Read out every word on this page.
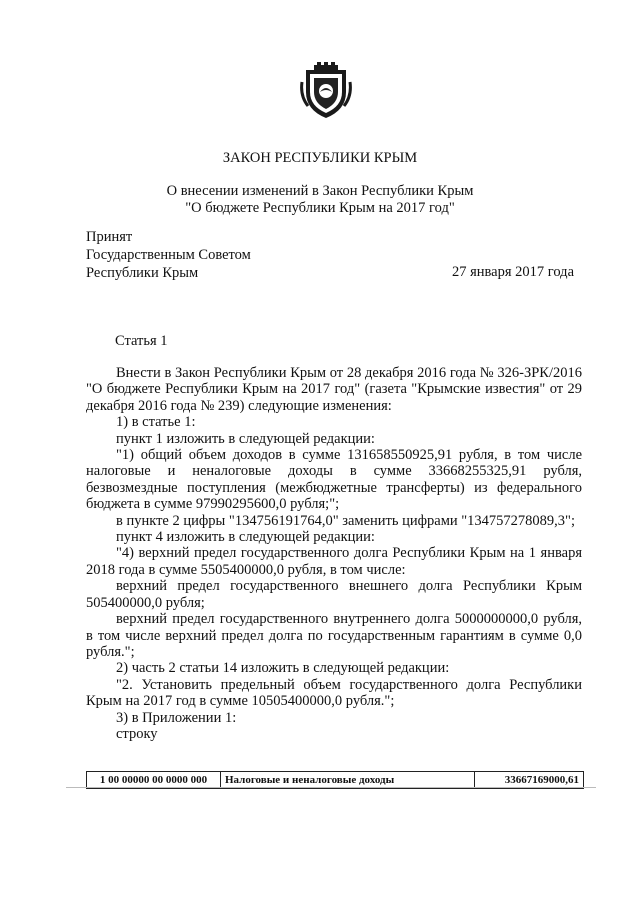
ЗАКОН РЕСПУБЛИКИ КРЫМ
О внесении изменений в Закон Республики Крым
"О бюджете Республики Крым на 2017 год"
Принят
Государственным Советом
Республики Крым	27 января 2017 года
Статья 1

Внести в Закон Республики Крым от 28 декабря 2016 года № 326-ЗРК/2016 "О бюджете Республики Крым на 2017 год" (газета "Крымские известия" от 29 декабря 2016 года № 239) следующие изменения:

1) в статье 1:

пункт 1 изложить в следующей редакции:

"1) общий объем доходов в сумме 131658550925,91 рубля, в том числе налоговые и неналоговые доходы в сумме 33668255325,91 рубля, безвозмездные поступления (межбюджетные трансферты) из федерального бюджета в сумме 97990295600,0 рубля;";

в пункте 2 цифры "134756191764,0" заменить цифрами "134757278089,3";

пункт 4 изложить в следующей редакции:

"4) верхний предел государственного долга Республики Крым на 1 января 2018 года в сумме 5505400000,0 рубля, в том числе:

верхний предел государственного внешнего долга Республики Крым 505400000,0 рубля;

верхний предел государственного внутреннего долга 5000000000,0 рубля, в том числе верхний предел долга по государственным гарантиям в сумме 0,0 рубля.";

2) часть 2 статьи 14 изложить в следующей редакции:

"2. Установить предельный объем государственного долга Республики Крым на 2017 год в сумме 10505400000,0 рубля.";

3) в Приложении 1:

строку

1 00 00000 00 0000 000	Налоговые и неналоговые доходы	33667169000,61
